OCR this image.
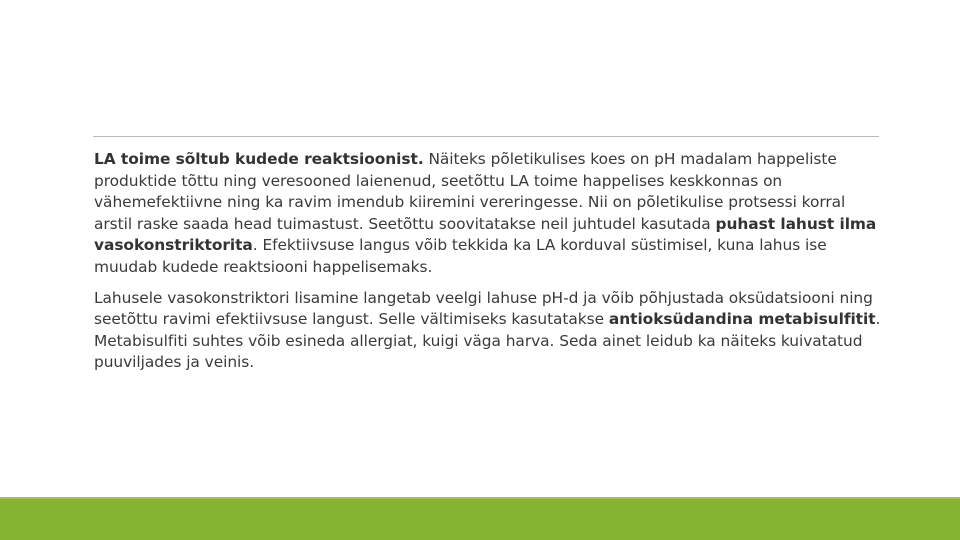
LA toime sõltub kudede reaktsioonist. Näiteks põletikulises koes on pH madalam happeliste produktide tõttu ning veresooned laienenud, seetõttu LA toime happelises keskkonnas on vähemefektiivne ning ka ravim imendub kiiremini vereringesse. Nii on põletikulise protsessi korral arstil raske saada head tuimastust. Seetõttu soovitatakse neil juhtudel kasutada puhast lahust ilma vasokonstriktorita. Efektiivsuse langus võib tekkida ka LA korduval süstimisel, kuna lahus ise muudab kudede reaktsiooni happelisemaks.

Lahusele vasokonstriktori lisamine langetab veelgi lahuse pH-d ja võib põhjustada oksüdatsiooni ning seetõttu ravimi efektiivsuse langust. Selle vältimiseks kasutatakse antioksüdandina metabisulfitit. Metabisulfiti suhtes võib esineda allergiat, kuigi väga harva. Seda ainet leidub ka näiteks kuivatatud puuviljades ja veinis.
